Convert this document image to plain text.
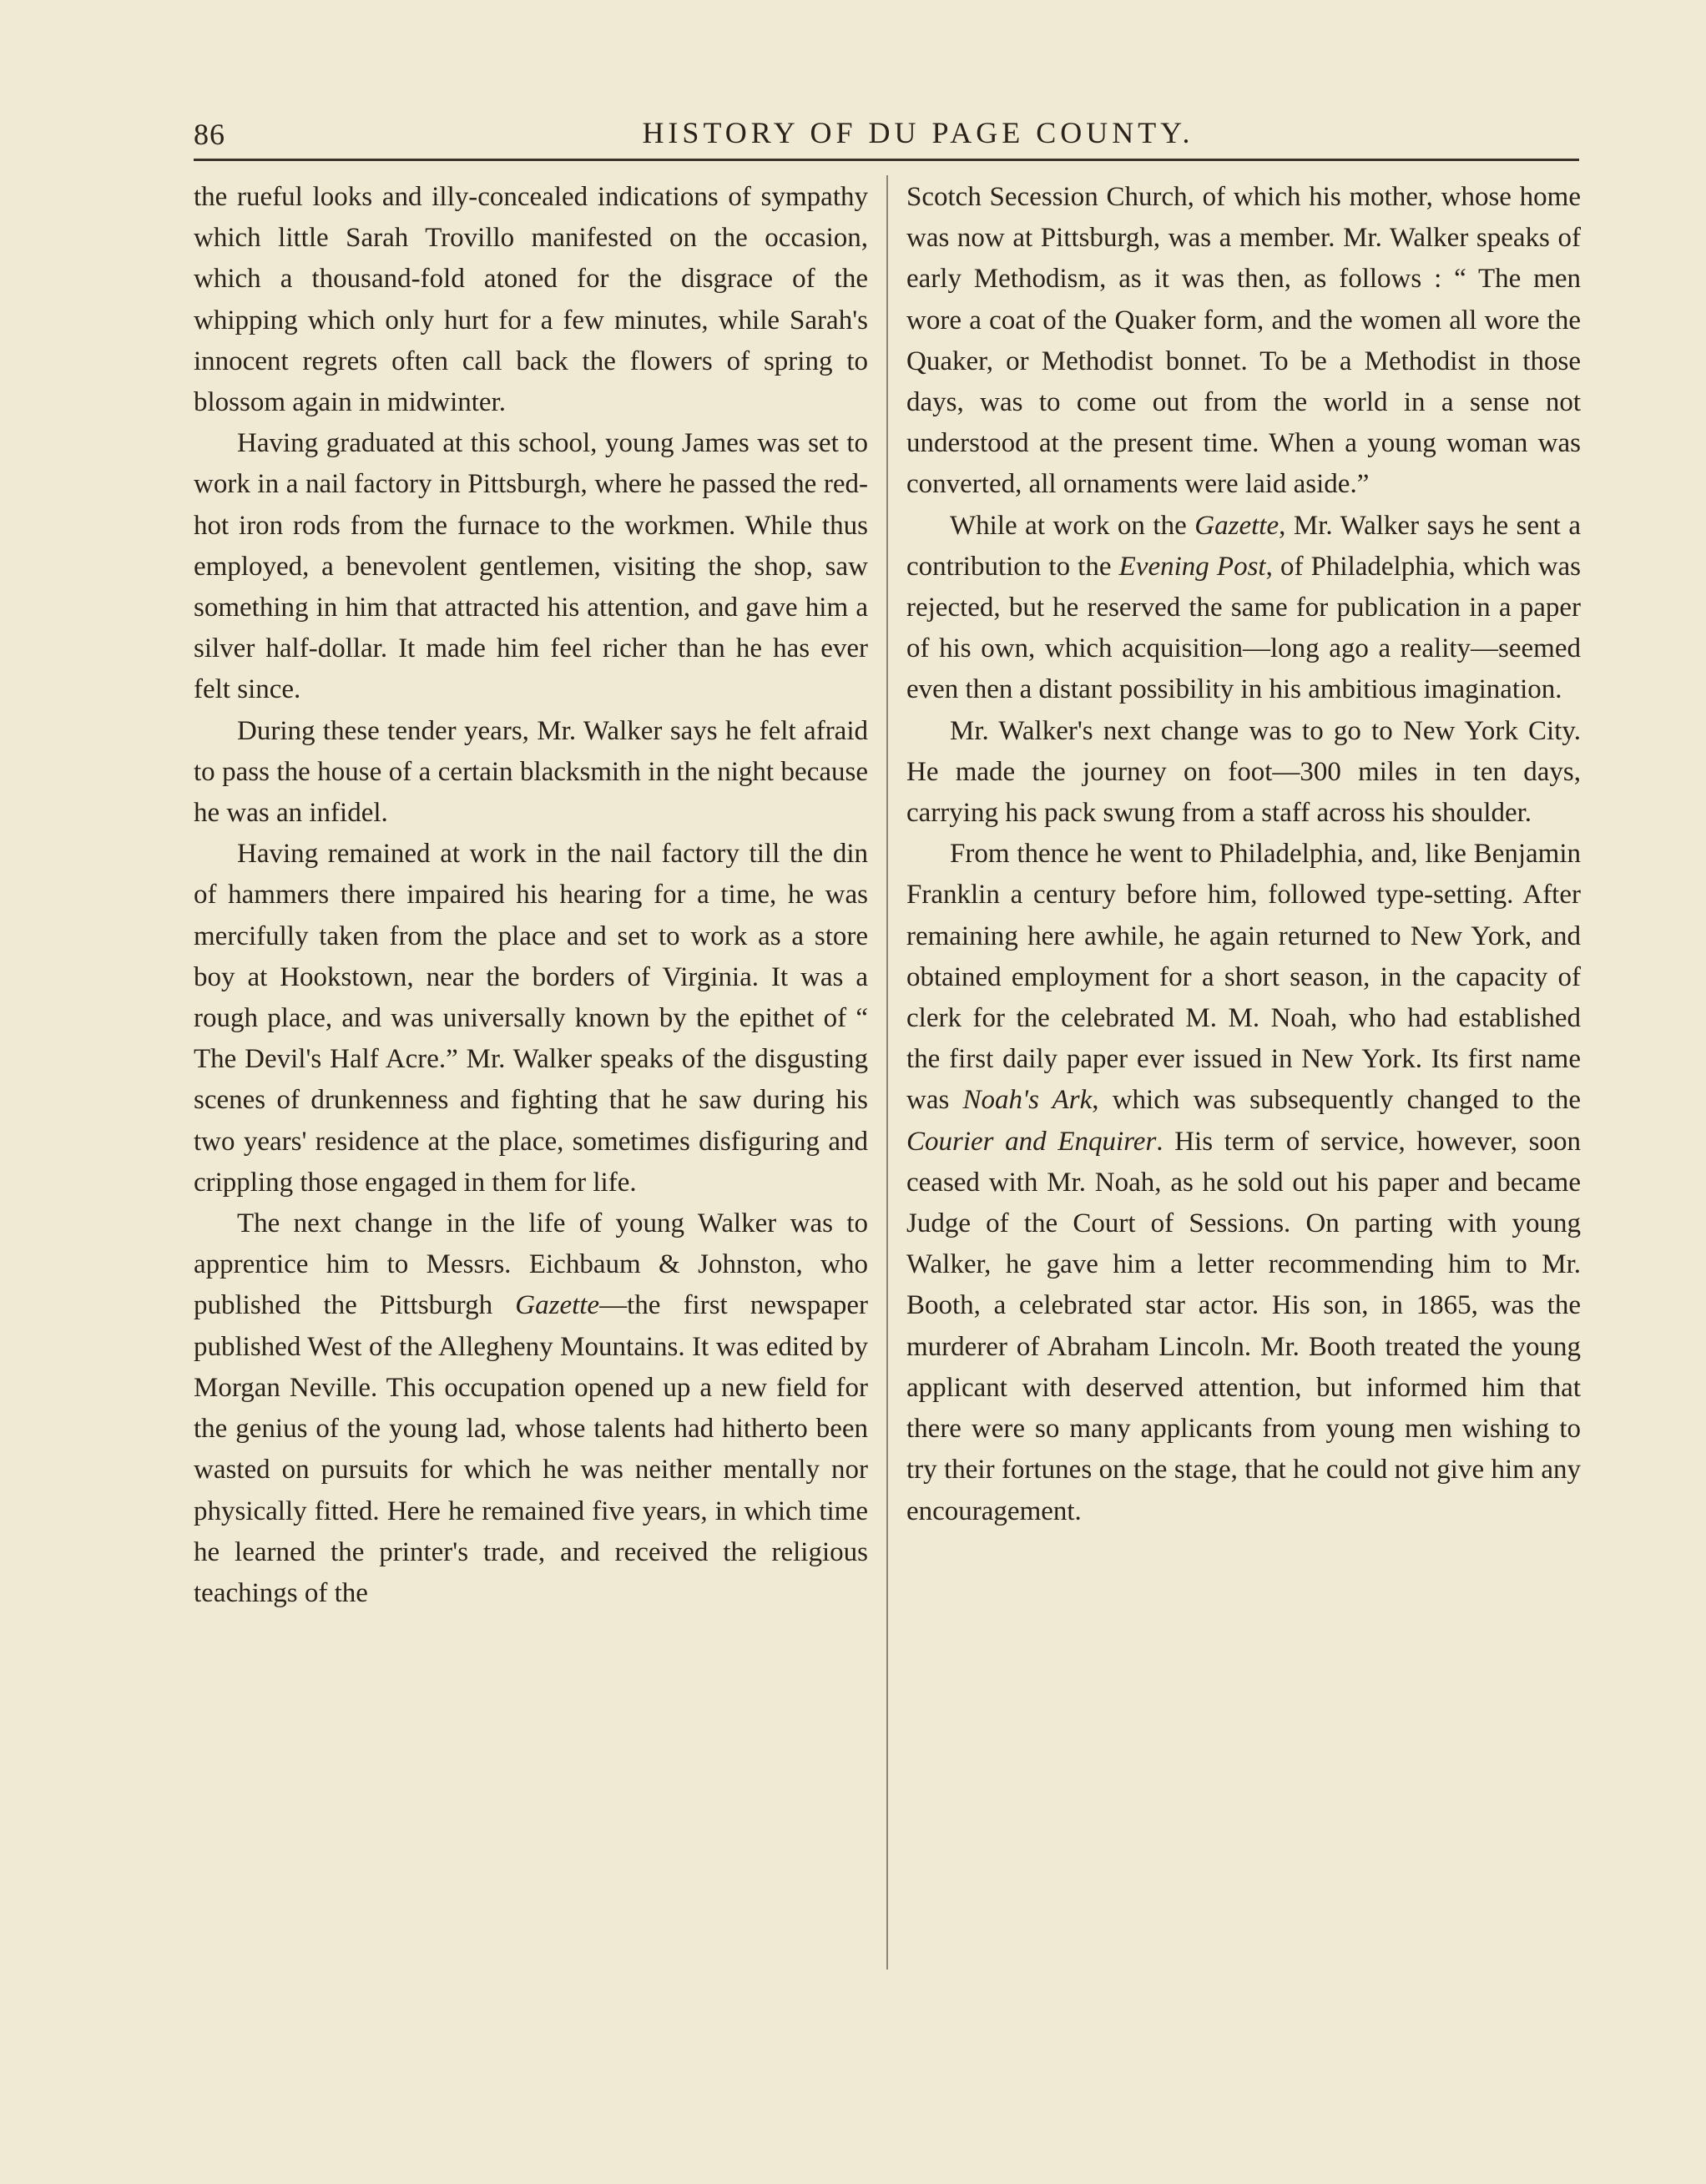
86	HISTORY OF DU PAGE COUNTY.

the rueful looks and illy-concealed indications of sympathy which little Sarah Trovillo manifested on the occasion, which a thousand-fold atoned for the disgrace of the whipping which only hurt for a few minutes, while Sarah's innocent regrets often call back the flowers of spring to blossom again in midwinter.

Having graduated at this school, young James was set to work in a nail factory in Pittsburgh, where he passed the red-hot iron rods from the furnace to the workmen. While thus employed, a benevolent gentlemen, visiting the shop, saw something in him that attracted his attention, and gave him a silver half-dollar. It made him feel richer than he has ever felt since.

During these tender years, Mr. Walker says he felt afraid to pass the house of a certain blacksmith in the night because he was an infidel.

Having remained at work in the nail factory till the din of hammers there impaired his hearing for a time, he was mercifully taken from the place and set to work as a store boy at Hookstown, near the borders of Virginia. It was a rough place, and was universally known by the epithet of “ The Devil's Half Acre.” Mr. Walker speaks of the disgusting scenes of drunkenness and fighting that he saw during his two years' residence at the place, sometimes disfiguring and crippling those engaged in them for life.

The next change in the life of young Walker was to apprentice him to Messrs. Eichbaum & Johnston, who published the Pittsburgh Gazette—the first newspaper published West of the Allegheny Mountains. It was edited by Morgan Neville. This occupation opened up a new field for the genius of the young lad, whose talents had hitherto been wasted on pursuits for which he was neither mentally nor physically fitted. Here he remained five years, in which time he learned the printer's trade, and received the religious teachings of the

Scotch Secession Church, of which his mother, whose home was now at Pittsburgh, was a member. Mr. Walker speaks of early Methodism, as it was then, as follows : “ The men wore a coat of the Quaker form, and the women all wore the Quaker, or Methodist bonnet. To be a Methodist in those days, was to come out from the world in a sense not understood at the present time. When a young woman was converted, all ornaments were laid aside.”

While at work on the Gazette, Mr. Walker says he sent a contribution to the Evening Post, of Philadelphia, which was rejected, but he reserved the same for publication in a paper of his own, which acquisition—long ago a reality—seemed even then a distant possibility in his ambitious imagination.

Mr. Walker's next change was to go to New York City. He made the journey on foot—300 miles in ten days, carrying his pack swung from a staff across his shoulder.

From thence he went to Philadelphia, and, like Benjamin Franklin a century before him, followed type-setting. After remaining here awhile, he again returned to New York, and obtained employment for a short season, in the capacity of clerk for the celebrated M. M. Noah, who had established the first daily paper ever issued in New York. Its first name was Noah's Ark, which was subsequently changed to the Courier and Enquirer. His term of service, however, soon ceased with Mr. Noah, as he sold out his paper and became Judge of the Court of Sessions. On parting with young Walker, he gave him a letter recommending him to Mr. Booth, a celebrated star actor. His son, in 1865, was the murderer of Abraham Lincoln. Mr. Booth treated the young applicant with deserved attention, but informed him that there were so many applicants from young men wishing to try their fortunes on the stage, that he could not give him any encouragement.
